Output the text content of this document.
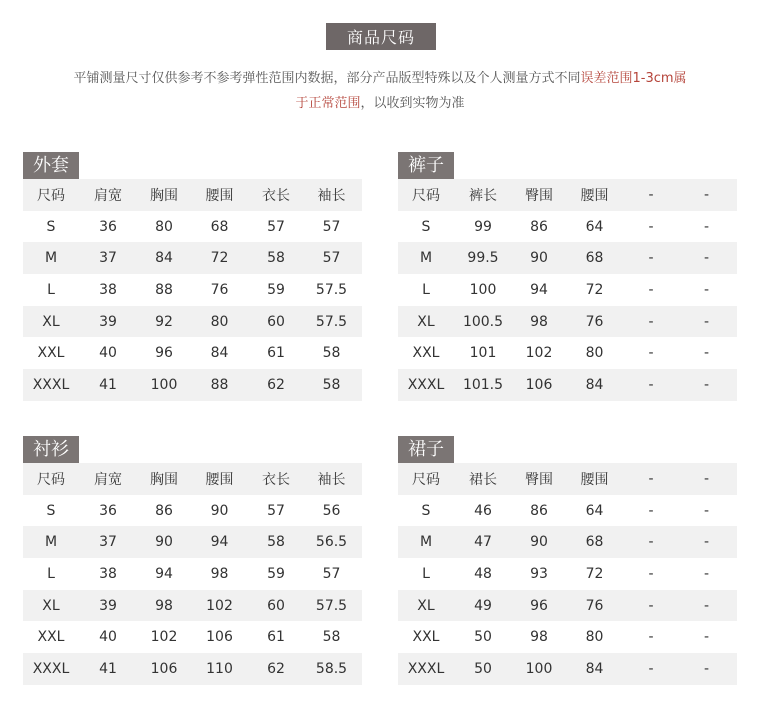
商品尺码
平铺测量尺寸仅供参考不参考弹性范围内数据，部分产品版型特殊以及个人测量方式不同误差范围1-3cm属
于正常范围，以收到实物为准
外套
尺码	肩宽	胸围	腰围	衣长	袖长
S	36	80	68	57	57
M	37	84	72	58	57
L	38	88	76	59	57.5
XL	39	92	80	60	57.5
XXL	40	96	84	61	58
XXXL	41	100	88	62	58
裤子
尺码	裤长	臀围	腰围	-	-
S	99	86	64	-	-
M	99.5	90	68	-	-
L	100	94	72	-	-
XL	100.5	98	76	-	-
XXL	101	102	80	-	-
XXXL	101.5	106	84	-	-
衬衫
尺码	肩宽	胸围	腰围	衣长	袖长
S	36	86	90	57	56
M	37	90	94	58	56.5
L	38	94	98	59	57
XL	39	98	102	60	57.5
XXL	40	102	106	61	58
XXXL	41	106	110	62	58.5
裙子
尺码	裙长	臀围	腰围	-	-
S	46	86	64	-	-
M	47	90	68	-	-
L	48	93	72	-	-
XL	49	96	76	-	-
XXL	50	98	80	-	-
XXXL	50	100	84	-	-
